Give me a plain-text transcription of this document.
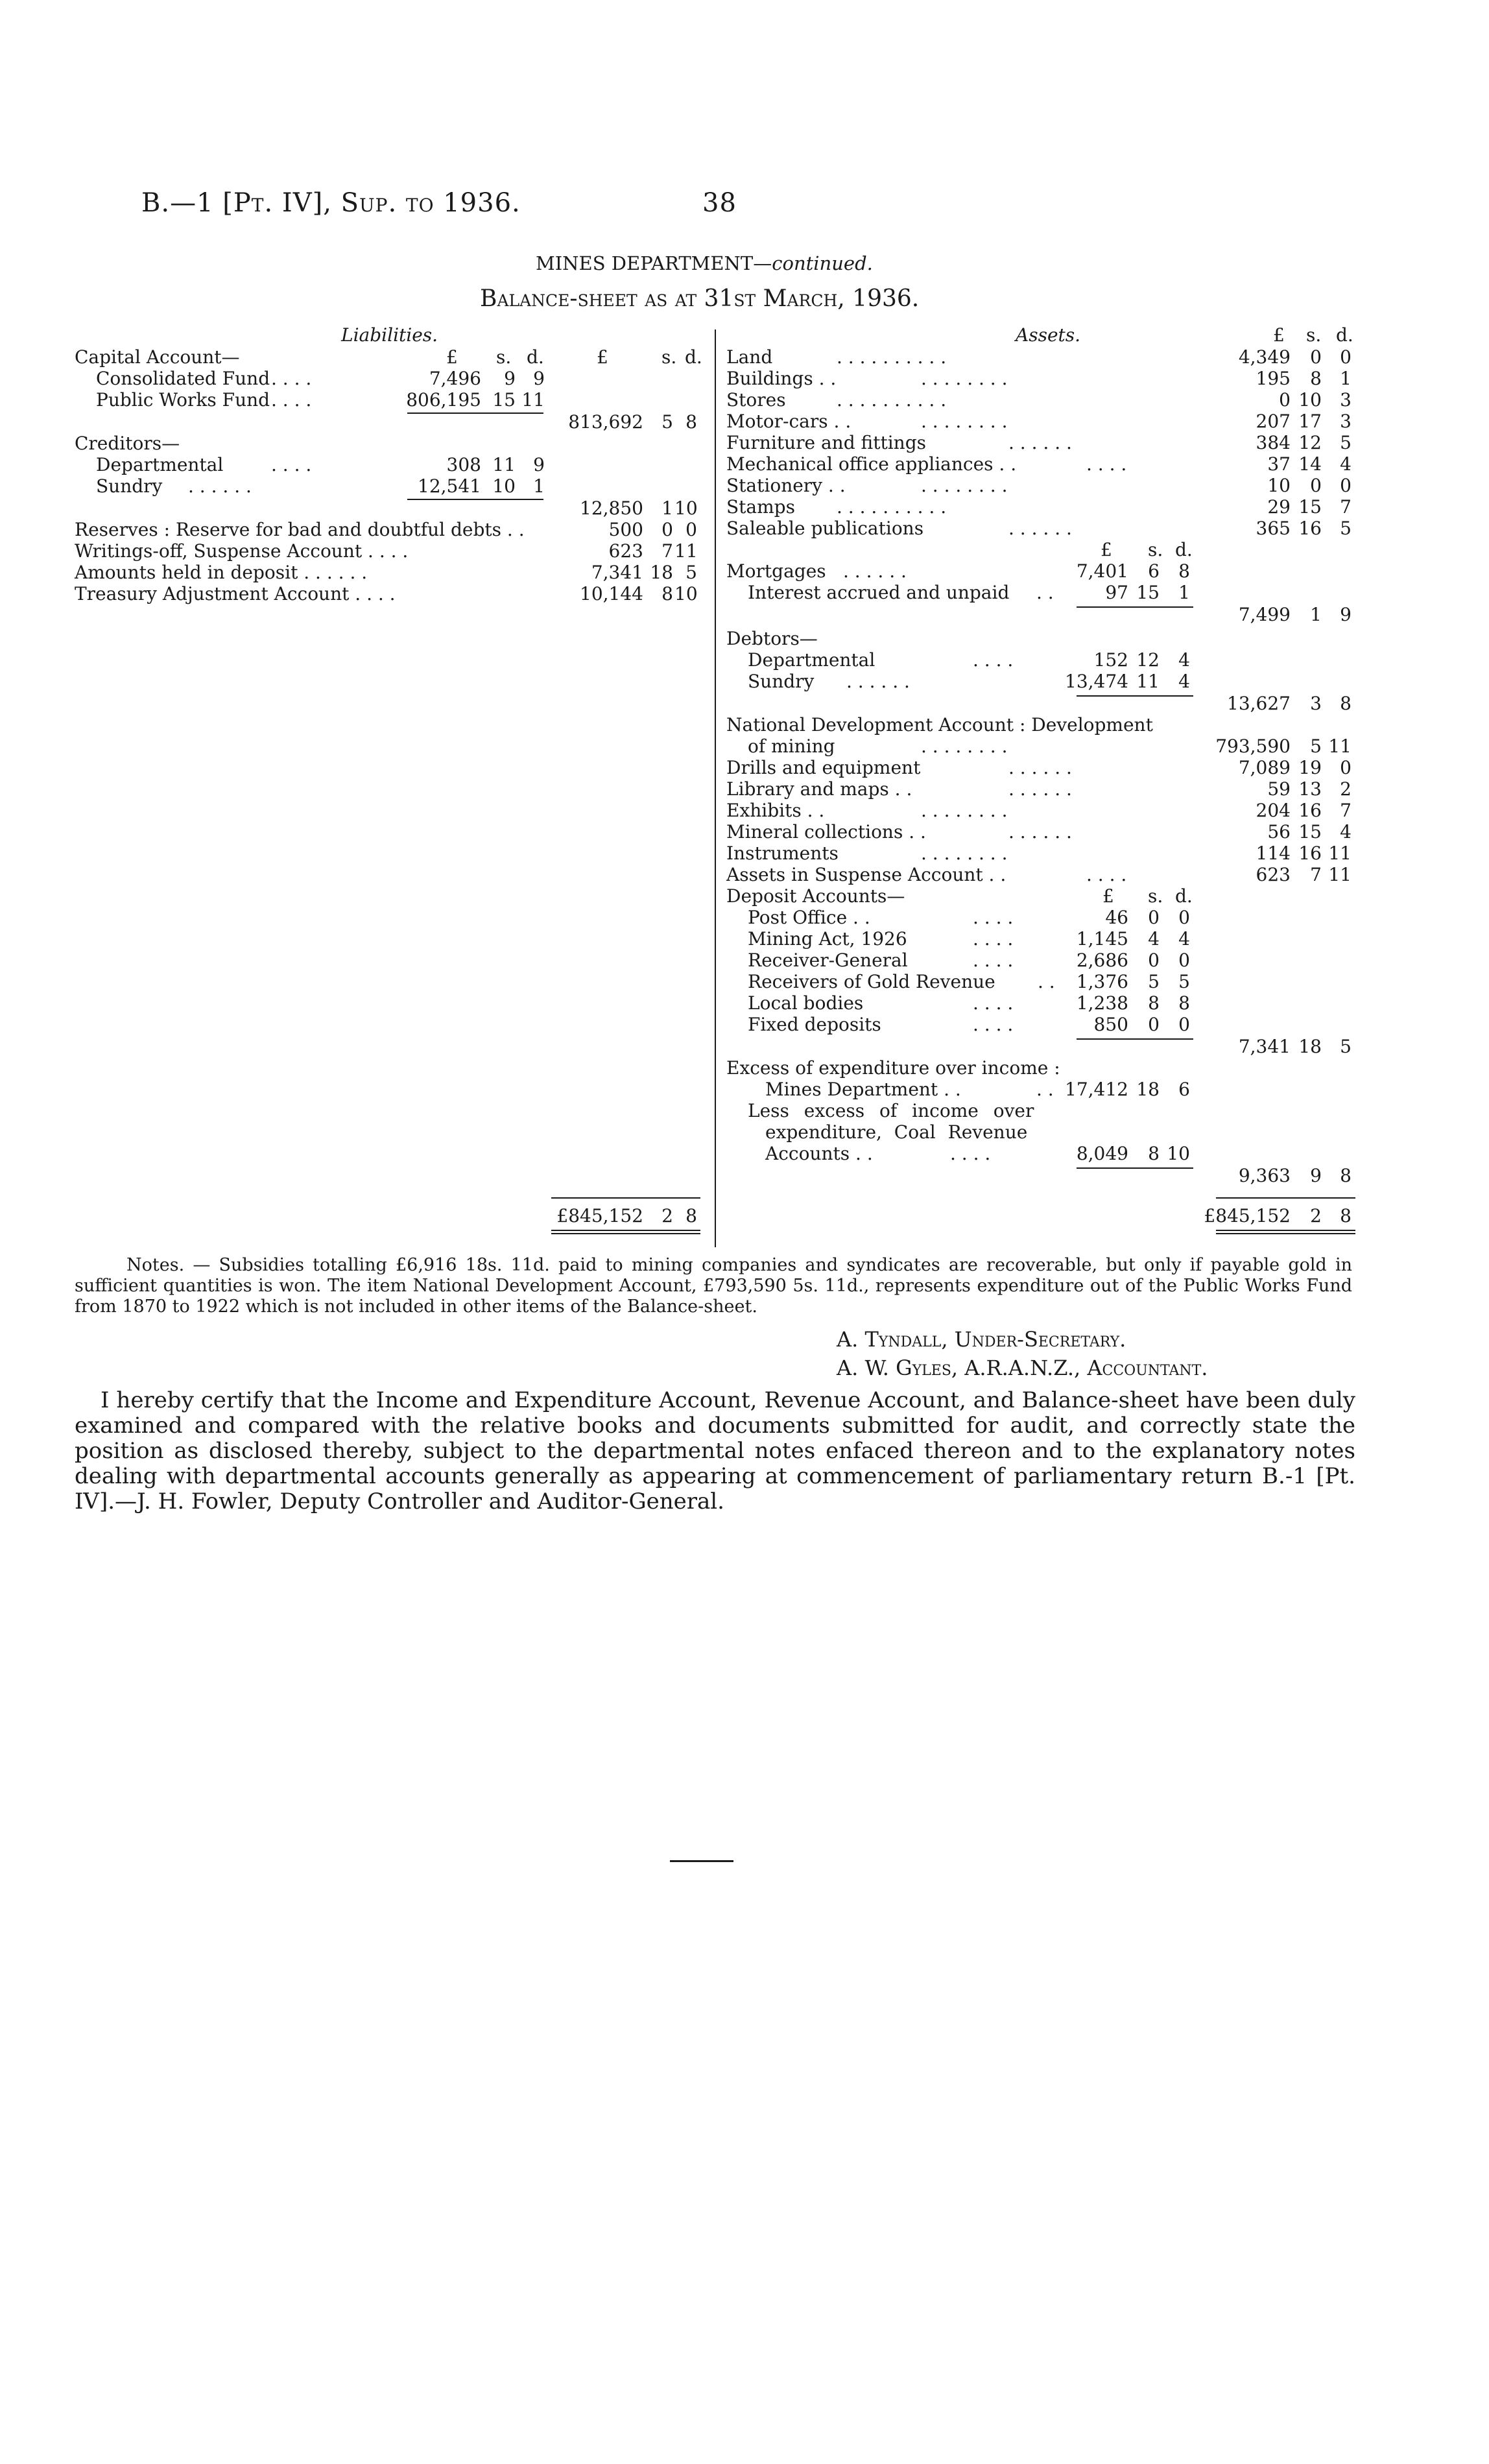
B.—1 [Pt. IV], Sup. to 1936.	38
MINES DEPARTMENT—continued.
Balance-sheet as at 31st March, 1936.
Liabilities.
£ s. d.	£	s. d.
Capital Account—
Consolidated Fund . . . .	7,496	9 9
Public Works Fund . . . .	806,195 15 11
813,692	5 8
Creditors—
Departmental	. . . .	308 11 9
Sundry . . . . . .	12,541 10 1
12,850	1 10
Reserves : Reserve for bad and doubtful debts . .	500	0 0
Writings-off, Suspense Account . . . .	623	7 11
Amounts held in deposit . . . . . .	7,341 18 5
Treasury Adjustment Account . . . .	10,144	8 10
£845,152	2 8
Assets.	£ s. d.
Land	. . . . . . . . . .	4,349	0	0
Buildings . .	. . . . . . . .	195	8	1
Stores	. . . . . . . . . .	0 10	3
Motor-cars . .	. . . . . . . .	207 17	3
Furniture and fittings	. . . . . .	384 12	5
Mechanical office appliances . .	. . . .	37 14	4
Stationery . .	. . . . . . . .	10	0	0
Stamps . . . . . . . . . .	29 15	7
Saleable publications	. . . . . .	365 16	5
£ s. d.
Mortgages . . . . . .	7,401	6	8
Interest accrued and unpaid . .	97 15	1
7,499	1	9
Debtors—
Departmental	. . . .	152 12	4
Sundry . . . . . .	13,474 11	4
13,627	3	8
National Development Account : Development
of mining	. . . . . . . .	793,590	5 11
Drills and equipment	. . . . . .	7,089 19	0
Library and maps . .	. . . . . .	59 13	2
Exhibits . .	. . . . . . . .	204 16	7
Mineral collections . .	. . . . . .	56 15	4
Instruments	. . . . . . . .	114 16 11
Assets in Suspense Account . .	. . . .	623	7 11
Deposit Accounts—	£ s. d.
Post Office . .	. . . .	46	0	0
Mining Act, 1926	. . . .	1,145	4	4
Receiver-General	. . . .	2,686	0	0
Receivers of Gold Revenue . .	1,376	5	5
Local bodies	. . . .	1,238	8	8
Fixed deposits	. . . .	850	0	0
7,341 18	5
Excess of expenditure over income :
Mines Department . .	. . 17,412 18	6
Less excess of income over
expenditure, Coal Revenue
Accounts . .	. . . .	8,049	8 10
9,363	9	8
£845,152	2	8
Notes. — Subsidies totalling £6,916 18s. 11d. paid to mining companies and syndicates are recoverable, but only if payable gold in sufficient quantities is won. The item National Development Account, £793,590 5s. 11d., represents expenditure out of the Public Works Fund from 1870 to 1922 which is not included in other items of the Balance-sheet.
A. Tyndall, Under-Secretary.
A. W. Gyles, A.R.A.N.Z., Accountant.
I hereby certify that the Income and Expenditure Account, Revenue Account, and Balance-sheet have been duly examined and compared with the relative books and documents submitted for audit, and correctly state the position as disclosed thereby, subject to the departmental notes enfaced thereon and to the explanatory notes dealing with departmental accounts generally as appearing at commencement of parliamentary return B.-1 [Pt. IV].—J. H. Fowler, Deputy Controller and Auditor-General.
